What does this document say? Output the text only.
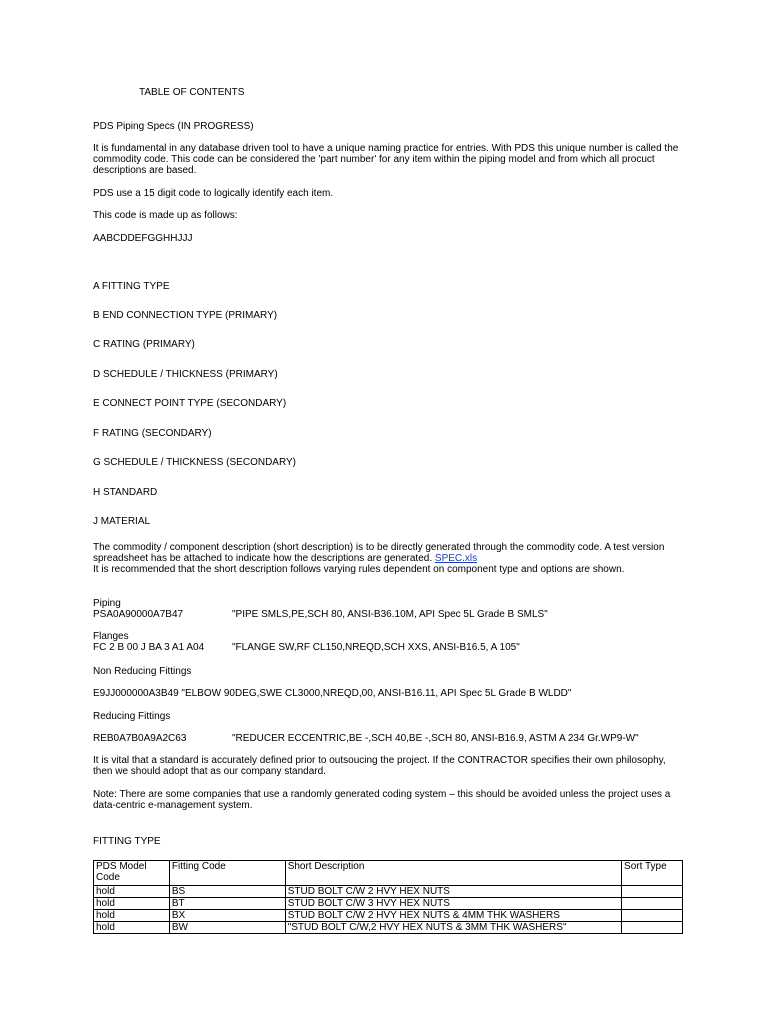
TABLE OF CONTENTS
PDS Piping Specs (IN PROGRESS)
It is fundamental in any database driven tool to have a unique naming practice for entries. With PDS this unique number is called the commodity code. This code can be considered the 'part number' for any item within the piping model and from which all procuct descriptions are based.
PDS use a 15 digit code to logically identify each item.
This code is made up as follows:
AABCDDEFGGHHJJJ
A FITTING TYPE
B END CONNECTION TYPE (PRIMARY)
C RATING (PRIMARY)
D SCHEDULE / THICKNESS (PRIMARY)
E CONNECT POINT TYPE (SECONDARY)
F RATING (SECONDARY)
G SCHEDULE / THICKNESS (SECONDARY)
H STANDARD
J MATERIAL
The commodity / component description (short description) is to be directly generated through the commodity code. A test version spreadsheet has be attached to indicate how the descriptions are generated. SPEC.xls
It is recommended that the short description follows varying rules dependent on component type and options are shown.
Piping
PSA0A90000A7B47	"PIPE SMLS,PE,SCH 80, ANSI-B36.10M, API Spec 5L Grade B SMLS"
Flanges
FC 2 B 00 J BA 3 A1 A04	"FLANGE SW,RF CL150,NREQD,SCH XXS, ANSI-B16.5, A 105"
Non Reducing Fittings
E9JJ000000A3B49 "ELBOW 90DEG,SWE CL3000,NREQD,00, ANSI-B16.11, API Spec 5L Grade B WLDD"
Reducing Fittings
REB0A7B0A9A2C63	"REDUCER ECCENTRIC,BE -,SCH 40,BE -,SCH 80, ANSI-B16.9, ASTM A 234 Gr.WP9-W"
It is vital that a standard is accurately defined prior to outsoucing the project. If the CONTRACTOR specifies their own philosophy, then we should adopt that as our company standard.
Note: There are some companies that use a randomly generated coding system – this should be avoided unless the project uses a data-centric e-management system.
FITTING TYPE
PDS Model Code	Fitting Code	Short Description	Sort Type
hold	BS	STUD BOLT C/W 2 HVY HEX NUTS	
hold	BT	STUD BOLT C/W 3 HVY HEX NUTS	
hold	BX	STUD BOLT C/W 2 HVY HEX NUTS & 4MM THK WASHERS	
hold	BW	"STUD BOLT C/W,2 HVY HEX NUTS & 3MM THK WASHERS"	
